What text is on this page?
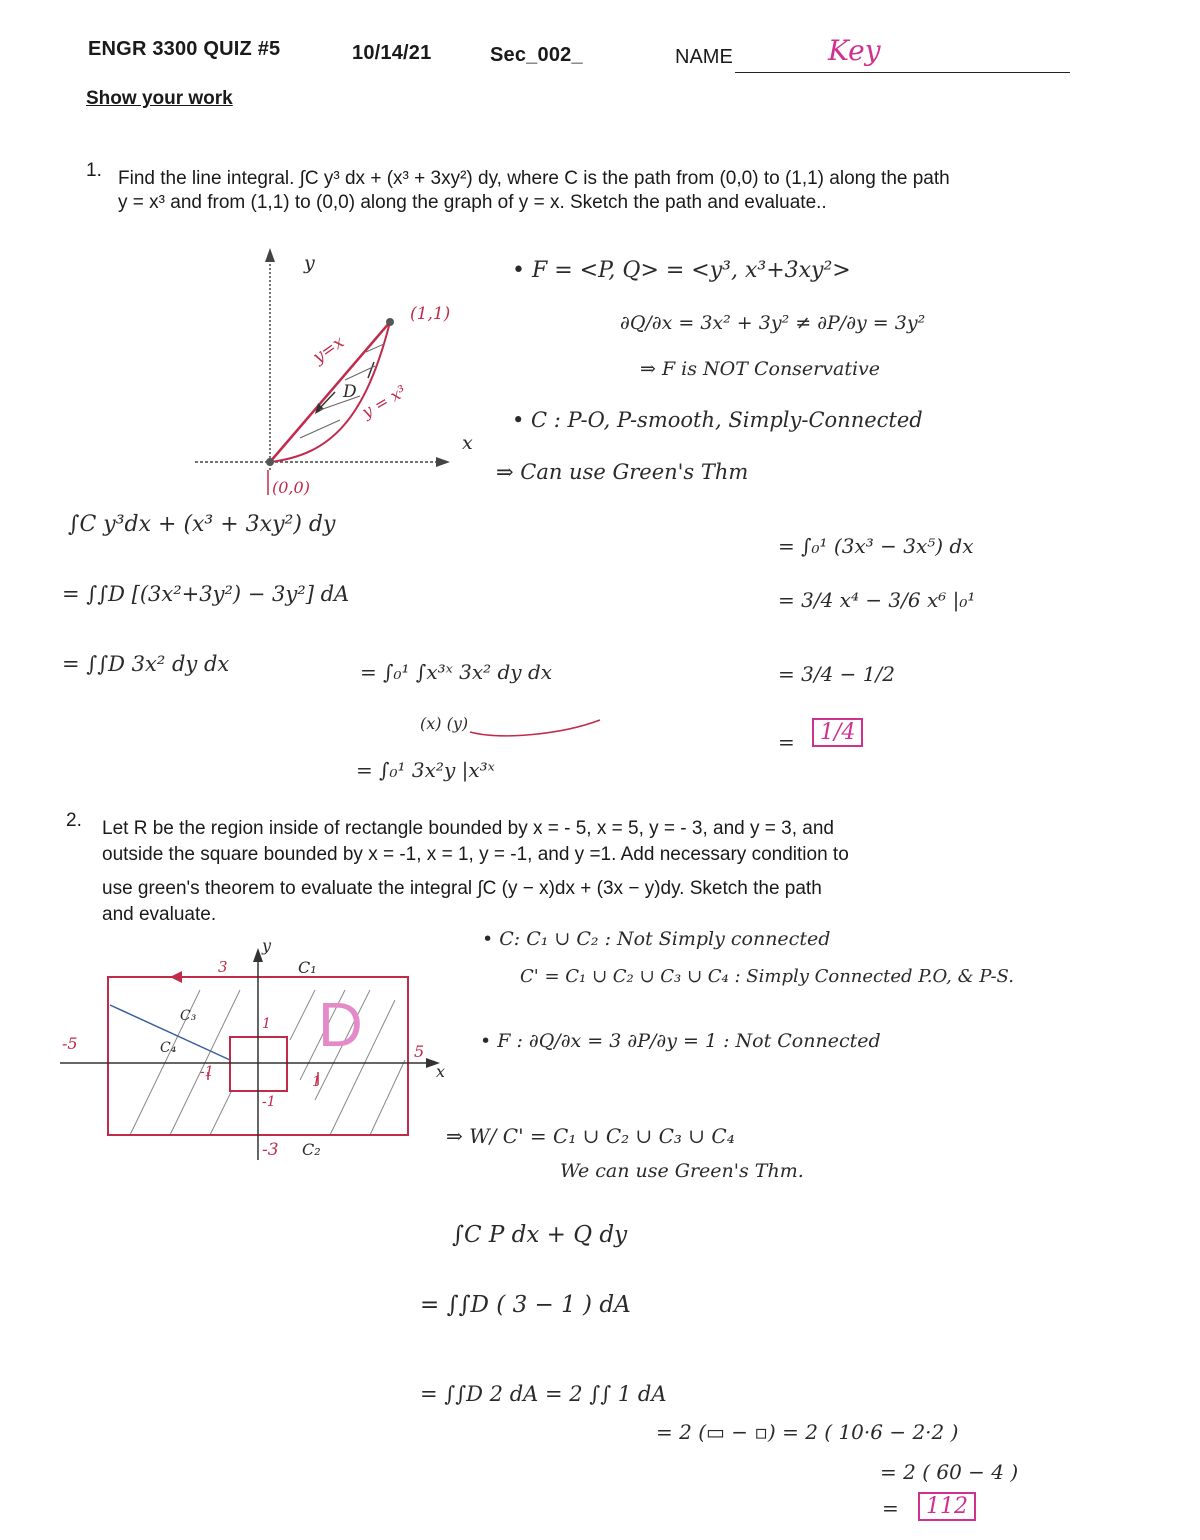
ENGR 3300 QUIZ #5	10/14/21	Sec_002_	NAME	Key
Show your work
1. Find the line integral. ∫C y³ dx + (x³ + 3xy²) dy, where C is the path from (0,0) to (1,1) along the path
y = x³ and from (1,1) to (0,0) along the graph of y = x. Sketch the path and evaluate..
y
x
(1,1)
(0,0)
y=x
y = x³
D
• F = <P, Q> = <y³, x³+3xy²>
∂Q/∂x = 3x² + 3y² ≠ ∂P/∂y = 3y²
⇒ F is NOT Conservative
• C : P-O, P-smooth, Simply-Connected
⇒ Can use Green's Thm
∫C y³dx + (x³ + 3xy²) dy
= ∫∫D [(3x²+3y²) − 3y²] dA
= ∫∫D 3x² dy dx	= ∫₀¹ ∫x³ˣ 3x² dy dx
(x) (y)
= ∫₀¹ 3x²y |x³ˣ
= ∫₀¹ (3x³ − 3x⁵) dx
= 3/4 x⁴ − 3/6 x⁶ |₀¹
= 3/4 − 1/2
=	1/4
2. Let R be the region inside of rectangle bounded by x = - 5, x = 5, y = - 3, and y = 3, and
outside the square bounded by x = -1, x = 1, y = -1, and y =1. Add necessary condition to
use green's theorem to evaluate the integral ∫C (y − x)dx + (3x − y)dy. Sketch the path
and evaluate.
y
x
3
-3
-5	5
1
-1
1
-1
C₁
C₂
C₃
C₄ D
• C: C₁ ∪ C₂ : Not Simply connected
C' = C₁ ∪ C₂ ∪ C₃ ∪ C₄ : Simply Connected P.O, & P-S.
• F : ∂Q/∂x = 3 ∂P/∂y = 1 : Not Connected
⇒ W/ C' = C₁ ∪ C₂ ∪ C₃ ∪ C₄
We can use Green's Thm.
∫C P dx + Q dy
= ∫∫D ( 3 − 1 ) dA
= ∫∫D 2 dA = 2 ∫∫ 1 dA
= 2 (▭ − ▫) = 2 ( 10·6 − 2·2 )
= 2 ( 60 − 4 )
=	112
